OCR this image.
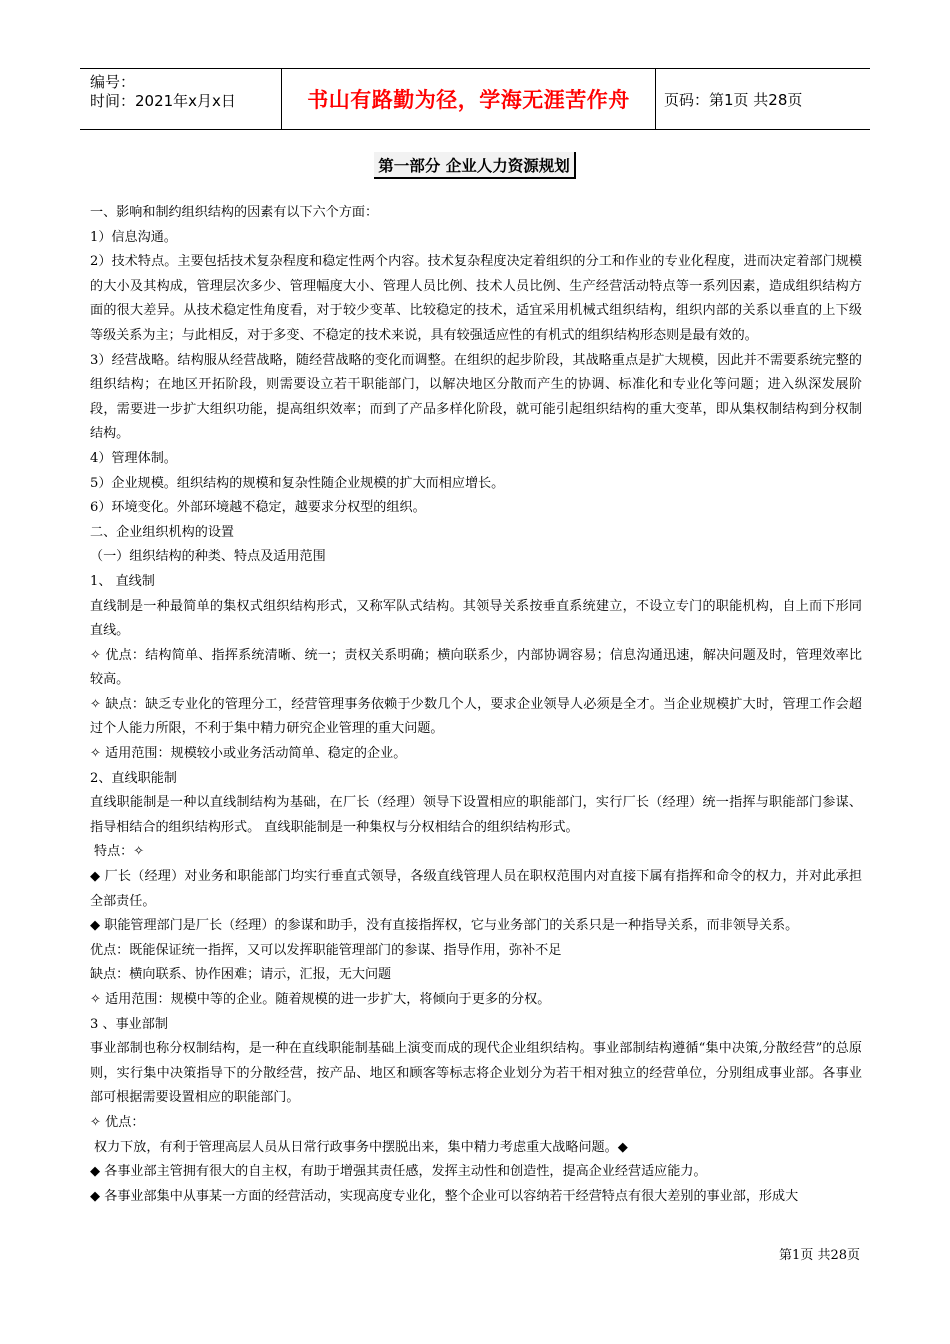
编号：
时间：2021年x月x日	书山有路勤为径，学海无涯苦作舟	页码：第1页 共28页
第一部分 企业人力资源规划

一、影响和制约组织结构的因素有以下六个方面：

1）信息沟通。

2）技术特点。主要包括技术复杂程度和稳定性两个内容。技术复杂程度决定着组织的分工和作业的专业化程度，进而决定着部门规模的大小及其构成，管理层次多少、管理幅度大小、管理人员比例、技术人员比例、生产经营活动特点等一系列因素，造成组织结构方面的很大差异。从技术稳定性角度看，对于较少变革、比较稳定的技术，适宜采用机械式组织结构，组织内部的关系以垂直的上下级等级关系为主；与此相反，对于多变、不稳定的技术来说，具有较强适应性的有机式的组织结构形态则是最有效的。

3）经营战略。结构服从经营战略，随经营战略的变化而调整。在组织的起步阶段，其战略重点是扩大规模，因此并不需要系统完整的组织结构；在地区开拓阶段，则需要设立若干职能部门，以解决地区分散而产生的协调、标准化和专业化等问题；进入纵深发展阶段，需要进一步扩大组织功能，提高组织效率；而到了产品多样化阶段，就可能引起组织结构的重大变革，即从集权制结构到分权制结构。

4）管理体制。

5）企业规模。组织结构的规模和复杂性随企业规模的扩大而相应增长。

6）环境变化。外部环境越不稳定，越要求分权型的组织。

二、企业组织机构的设置

（一）组织结构的种类、特点及适用范围

1、 直线制

直线制是一种最简单的集权式组织结构形式，又称军队式结构。其领导关系按垂直系统建立，不设立专门的职能机构，自上而下形同直线。

✧ 优点：结构简单、指挥系统清晰、统一；责权关系明确；横向联系少，内部协调容易；信息沟通迅速，解决问题及时，管理效率比较高。

✧ 缺点：缺乏专业化的管理分工，经营管理事务依赖于少数几个人，要求企业领导人必须是全才。当企业规模扩大时，管理工作会超过个人能力所限，不利于集中精力研究企业管理的重大问题。

✧ 适用范围：规模较小或业务活动简单、稳定的企业。

2、直线职能制

直线职能制是一种以直线制结构为基础，在厂长（经理）领导下设置相应的职能部门，实行厂长（经理）统一指挥与职能部门参谋、指导相结合的组织结构形式。 直线职能制是一种集权与分权相结合的组织结构形式。

特点：✧

◆ 厂长（经理）对业务和职能部门均实行垂直式领导，各级直线管理人员在职权范围内对直接下属有指挥和命令的权力，并对此承担全部责任。

◆ 职能管理部门是厂长（经理）的参谋和助手，没有直接指挥权，它与业务部门的关系只是一种指导关系，而非领导关系。

优点：既能保证统一指挥，又可以发挥职能管理部门的参谋、指导作用，弥补不足

缺点：横向联系、协作困难；请示，汇报，无大问题

✧ 适用范围：规模中等的企业。随着规模的进一步扩大，将倾向于更多的分权。

3 、事业部制

事业部制也称分权制结构，是一种在直线职能制基础上演变而成的现代企业组织结构。事业部制结构遵循“集中决策,分散经营”的总原则，实行集中决策指导下的分散经营，按产品、地区和顾客等标志将企业划分为若干相对独立的经营单位，分别组成事业部。各事业部可根据需要设置相应的职能部门。

✧ 优点：

权力下放，有利于管理高层人员从日常行政事务中摆脱出来，集中精力考虑重大战略问题。◆

◆ 各事业部主管拥有很大的自主权，有助于增强其责任感，发挥主动性和创造性，提高企业经营适应能力。

◆ 各事业部集中从事某一方面的经营活动，实现高度专业化，整个企业可以容纳若干经营特点有很大差别的事业部，形成大

第1页 共28页
